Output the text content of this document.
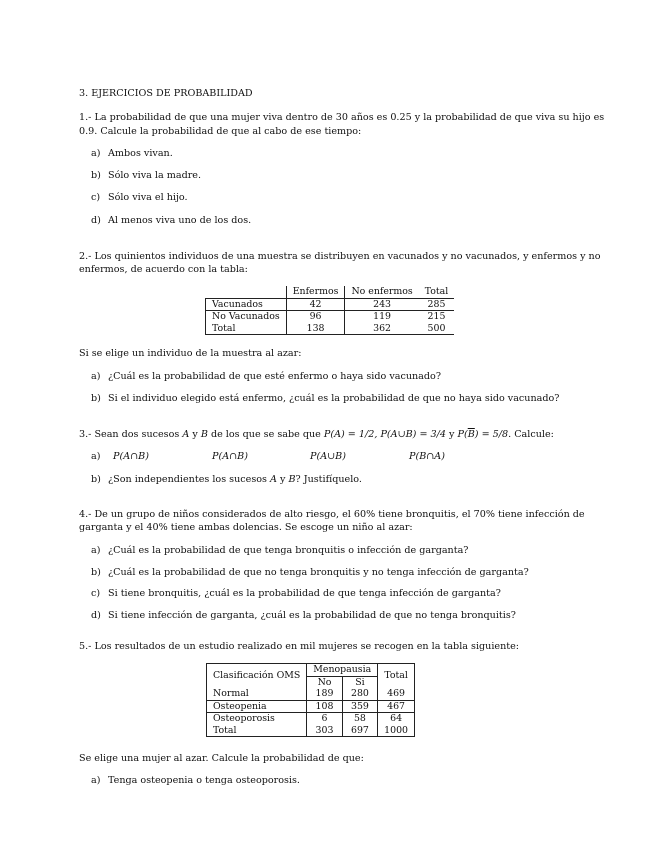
3. EJERCICIOS DE PROBABILIDAD
1.- La probabilidad de que una mujer viva dentro de 30 años es 0.25 y la probabilidad de que viva su hijo es
0.9. Calcule la probabilidad de que al cabo de ese tiempo:
a) Ambos vivan.
b) Sólo viva la madre.
c) Sólo viva el hijo.
d) Al menos viva uno de los dos.
2.- Los quinientos individuos de una muestra se distribuyen en vacunados y no vacunados, y enfermos y no
enfermos, de acuerdo con la tabla:
	Enfermos	No enfermos	Total
Vacunados	42	243	285
No Vacunados	96	119	215
Total	138	362	500
Si se elige un individuo de la muestra al azar:
a) ¿Cuál es la probabilidad de que esté enfermo o haya sido vacunado?
b) Si el individuo elegido está enfermo, ¿cuál es la probabilidad de que no haya sido vacunado?
3.- Sean dos sucesos A y B de los que se sabe que P(A) = 1/2, P(A∪B) = 3/4 y $P(\overline{B}) = 5/8$. Calcule:
a)	P(A∩B)	P(A∩B)	P(A∪B)	P(B∩A)
b) ¿Son independientes los sucesos A y B? Justifíquelo.
4.- De un grupo de niños considerados de alto riesgo, el 60% tiene bronquitis, el 70% tiene infección de
garganta y el 40% tiene ambas dolencias. Se escoge un niño al azar:
a) ¿Cuál es la probabilidad de que tenga bronquitis o infección de garganta?
b) ¿Cuál es la probabilidad de que no tenga bronquitis y no tenga infección de garganta?
c) Si tiene bronquitis, ¿cuál es la probabilidad de que tenga infección de garganta?
d) Si tiene infección de garganta, ¿cuál es la probabilidad de que no tenga bronquitis?
5.- Los resultados de un estudio realizado en mil mujeres se recogen en la tabla siguiente:
Clasificación OMS	Menopausia		Total
	No	Si	
Normal	189	280	469
Osteopenia	108	359	467
Osteoporosis	6	58	64
Total	303	697	1000
Se elige una mujer al azar. Calcule la probabilidad de que:
a) Tenga osteopenia o tenga osteoporosis.
